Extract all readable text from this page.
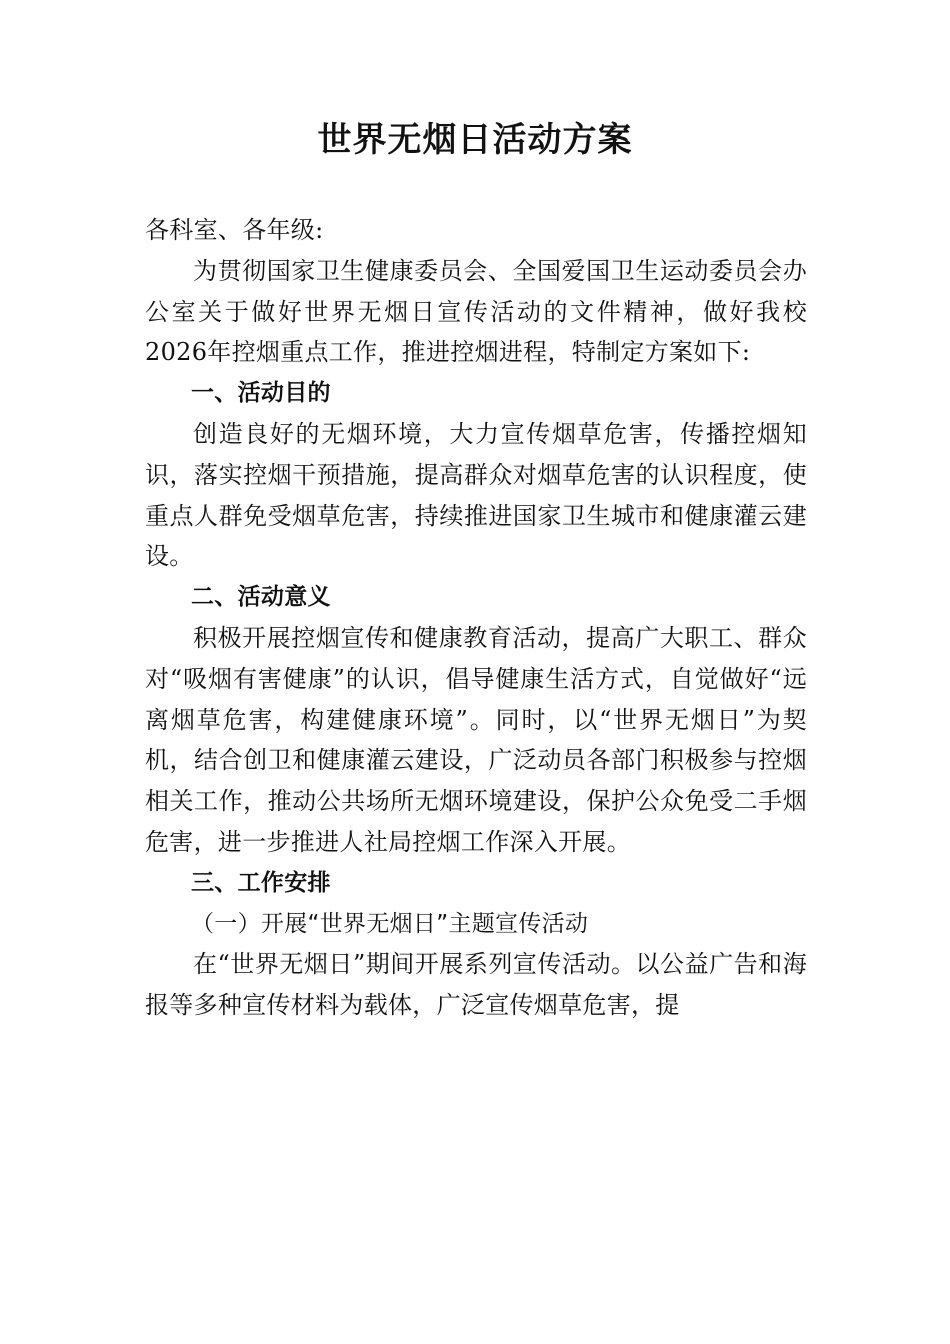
世界无烟日活动方案

各科室、各年级:

为贯彻国家卫生健康委员会、全国爱国卫生运动委员会办公室关于做好世界无烟日宣传活动的文件精神，做好我校2026年控烟重点工作，推进控烟进程，特制定方案如下:

一、活动目的

创造良好的无烟环境，大力宣传烟草危害，传播控烟知识，落实控烟干预措施，提高群众对烟草危害的认识程度，使重点人群免受烟草危害，持续推进国家卫生城市和健康灌云建设。

二、活动意义

积极开展控烟宣传和健康教育活动，提高广大职工、群众对“吸烟有害健康”的认识，倡导健康生活方式，自觉做好“远离烟草危害，构建健康环境”。同时，以“世界无烟日”为契机，结合创卫和健康灌云建设，广泛动员各部门积极参与控烟相关工作，推动公共场所无烟环境建设，保护公众免受二手烟危害，进一步推进人社局控烟工作深入开展。

三、工作安排
（一）开展“世界无烟日”主题宣传活动

在“世界无烟日”期间开展系列宣传活动。以公益广告和海报等多种宣传材料为载体，广泛宣传烟草危害，提
